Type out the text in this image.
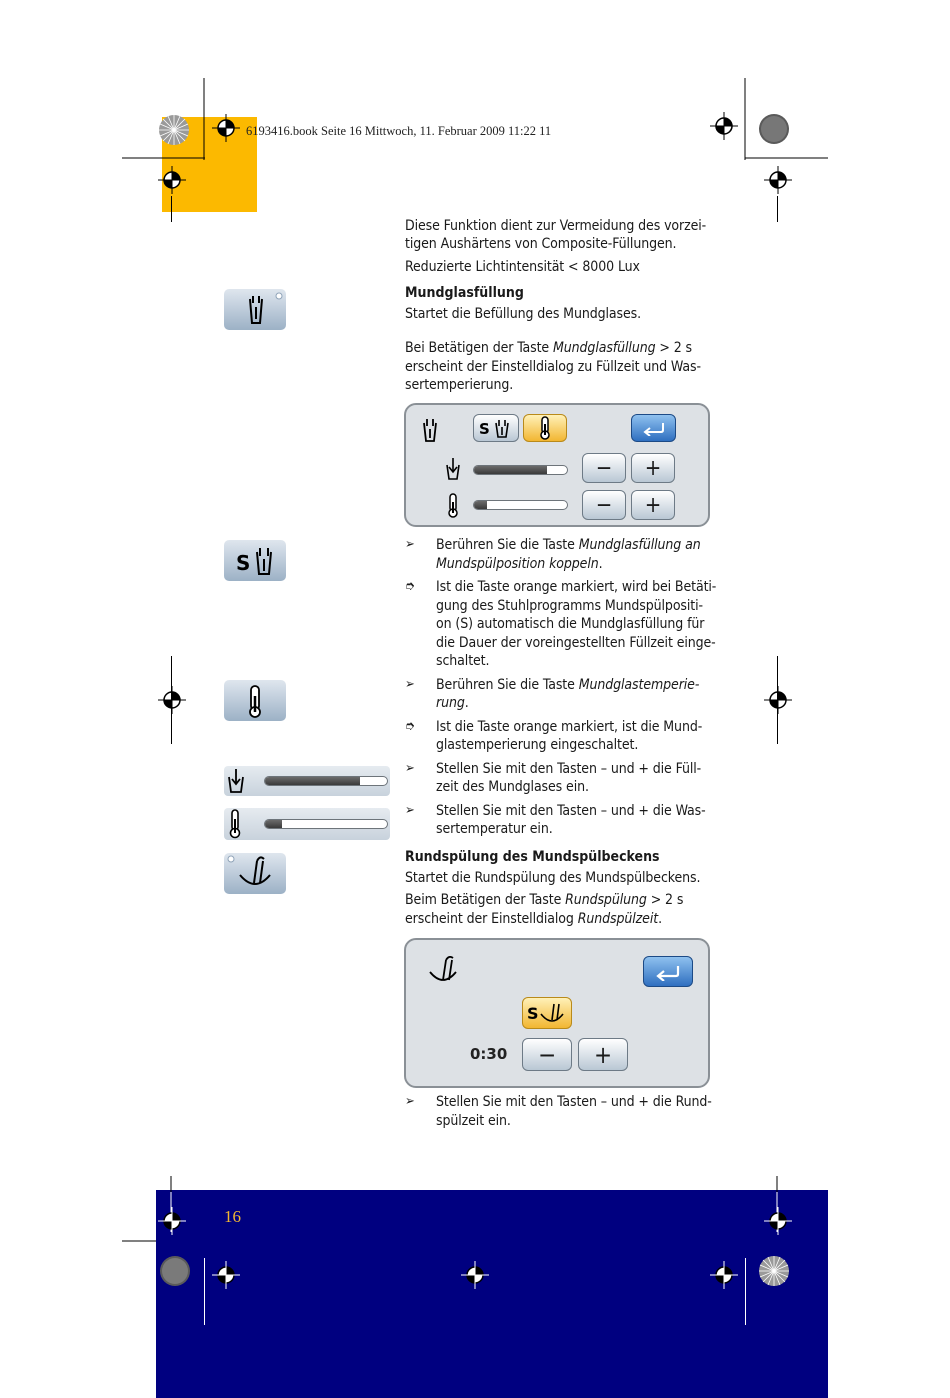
6193416.book Seite 16 Mittwoch, 11. Februar 2009 11:22 11
Diese Funktion dient zur Vermeidung des vorzei-
tigen Aushärtens von Composite-Füllungen.
Reduzierte Lichtintensität < 8000 Lux
Mundglasfüllung
Startet die Befüllung des Mundglases.
Bei Betätigen der Taste Mundglasfüllung > 2 s
erscheint der Einstelldialog zu Füllzeit und Was-
sertemperierung.
S
− +
− +
S
➢	Berühren Sie die Taste Mundglasfüllung an
Mundspülposition koppeln.
➮	Ist die Taste orange markiert, wird bei Betäti-
gung des Stuhlprogramms Mundspülpositi-
on (S) automatisch die Mundglasfüllung für
die Dauer der voreingestellten Füllzeit einge-
schaltet.
➢	Berühren Sie die Taste Mundglastemperie-
rung.
➮	Ist die Taste orange markiert, ist die Mund-
glastemperierung eingeschaltet.
➢	Stellen Sie mit den Tasten – und + die Füll-
zeit des Mundglases ein.
➢	Stellen Sie mit den Tasten – und + die Was-
sertemperatur ein.
Rundspülung des Mundspülbeckens
Startet die Rundspülung des Mundspülbeckens.
Beim Betätigen der Taste Rundspülung > 2 s
erscheint der Einstelldialog Rundspülzeit.
S
0:30 − +
➢	Stellen Sie mit den Tasten – und + die Rund-
spülzeit ein.
16
